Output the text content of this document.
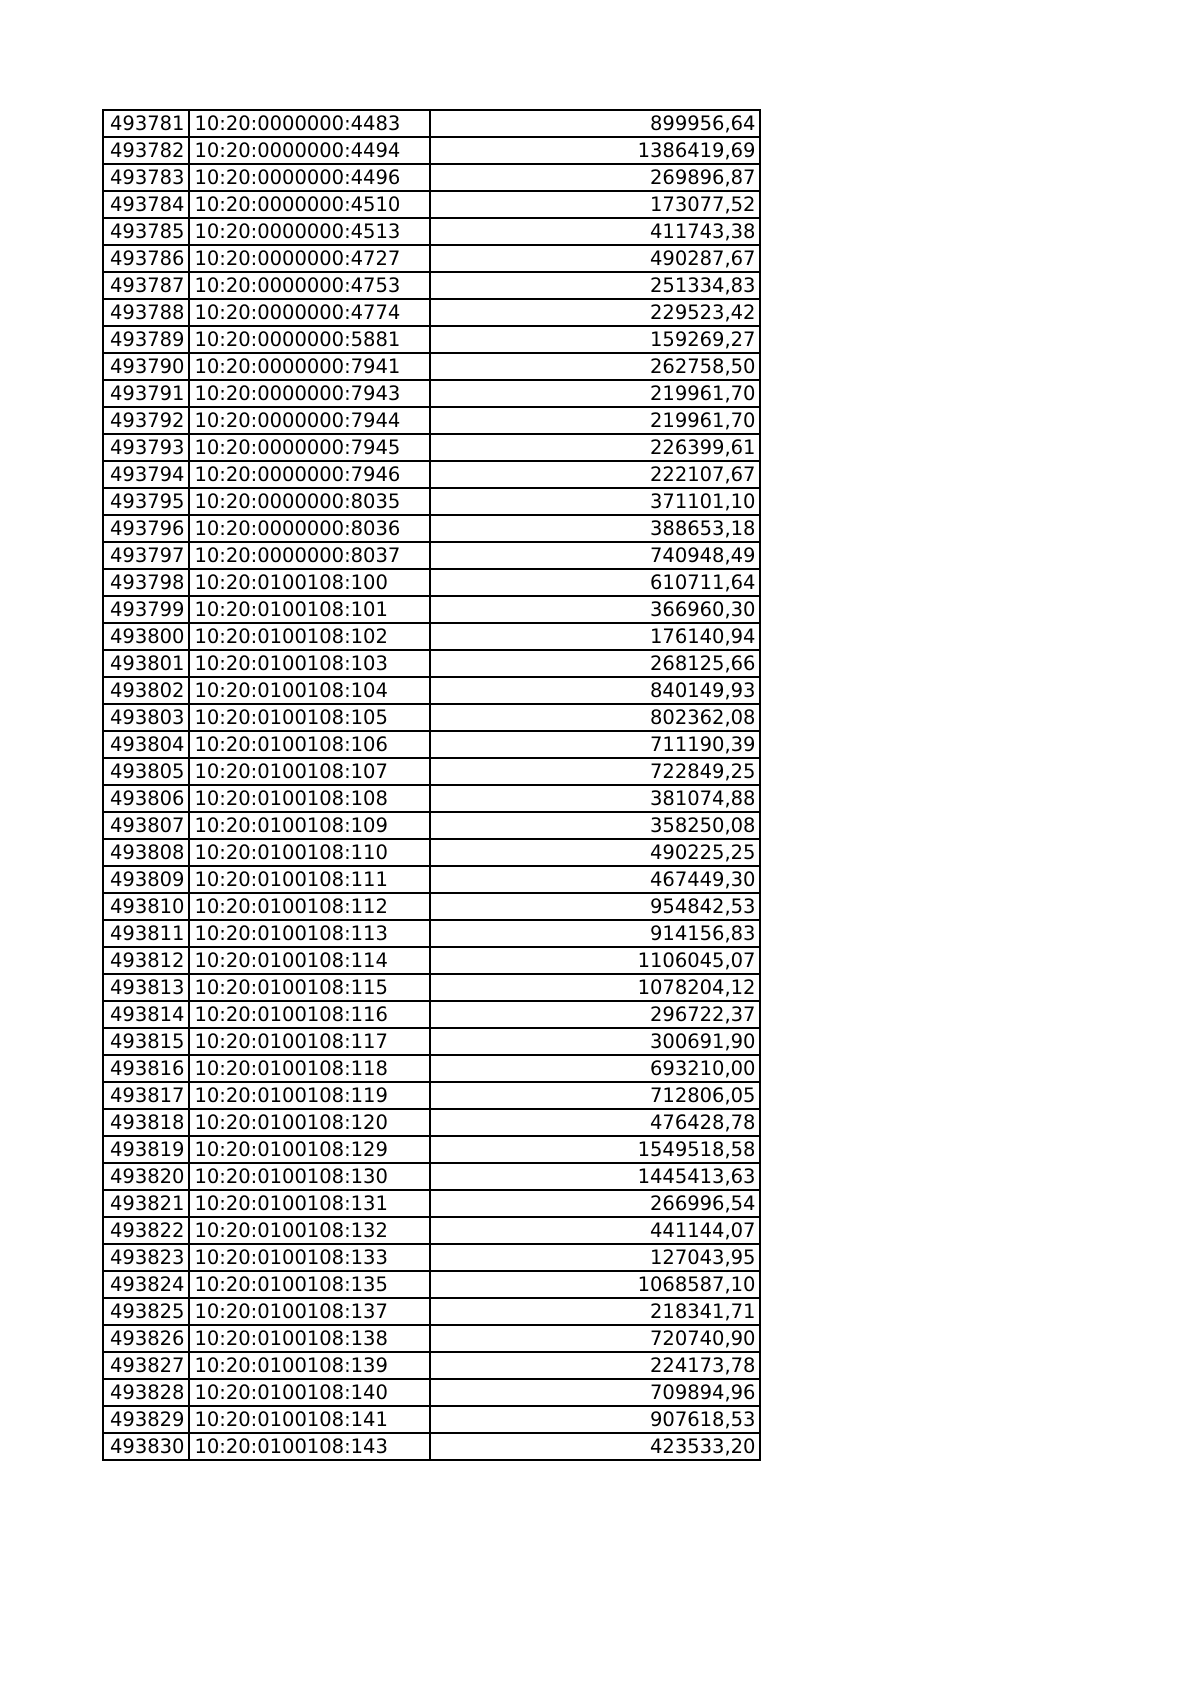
493781	10:20:0000000:4483	899956,64
493782	10:20:0000000:4494	1386419,69
493783	10:20:0000000:4496	269896,87
493784	10:20:0000000:4510	173077,52
493785	10:20:0000000:4513	411743,38
493786	10:20:0000000:4727	490287,67
493787	10:20:0000000:4753	251334,83
493788	10:20:0000000:4774	229523,42
493789	10:20:0000000:5881	159269,27
493790	10:20:0000000:7941	262758,50
493791	10:20:0000000:7943	219961,70
493792	10:20:0000000:7944	219961,70
493793	10:20:0000000:7945	226399,61
493794	10:20:0000000:7946	222107,67
493795	10:20:0000000:8035	371101,10
493796	10:20:0000000:8036	388653,18
493797	10:20:0000000:8037	740948,49
493798	10:20:0100108:100	610711,64
493799	10:20:0100108:101	366960,30
493800	10:20:0100108:102	176140,94
493801	10:20:0100108:103	268125,66
493802	10:20:0100108:104	840149,93
493803	10:20:0100108:105	802362,08
493804	10:20:0100108:106	711190,39
493805	10:20:0100108:107	722849,25
493806	10:20:0100108:108	381074,88
493807	10:20:0100108:109	358250,08
493808	10:20:0100108:110	490225,25
493809	10:20:0100108:111	467449,30
493810	10:20:0100108:112	954842,53
493811	10:20:0100108:113	914156,83
493812	10:20:0100108:114	1106045,07
493813	10:20:0100108:115	1078204,12
493814	10:20:0100108:116	296722,37
493815	10:20:0100108:117	300691,90
493816	10:20:0100108:118	693210,00
493817	10:20:0100108:119	712806,05
493818	10:20:0100108:120	476428,78
493819	10:20:0100108:129	1549518,58
493820	10:20:0100108:130	1445413,63
493821	10:20:0100108:131	266996,54
493822	10:20:0100108:132	441144,07
493823	10:20:0100108:133	127043,95
493824	10:20:0100108:135	1068587,10
493825	10:20:0100108:137	218341,71
493826	10:20:0100108:138	720740,90
493827	10:20:0100108:139	224173,78
493828	10:20:0100108:140	709894,96
493829	10:20:0100108:141	907618,53
493830	10:20:0100108:143	423533,20
